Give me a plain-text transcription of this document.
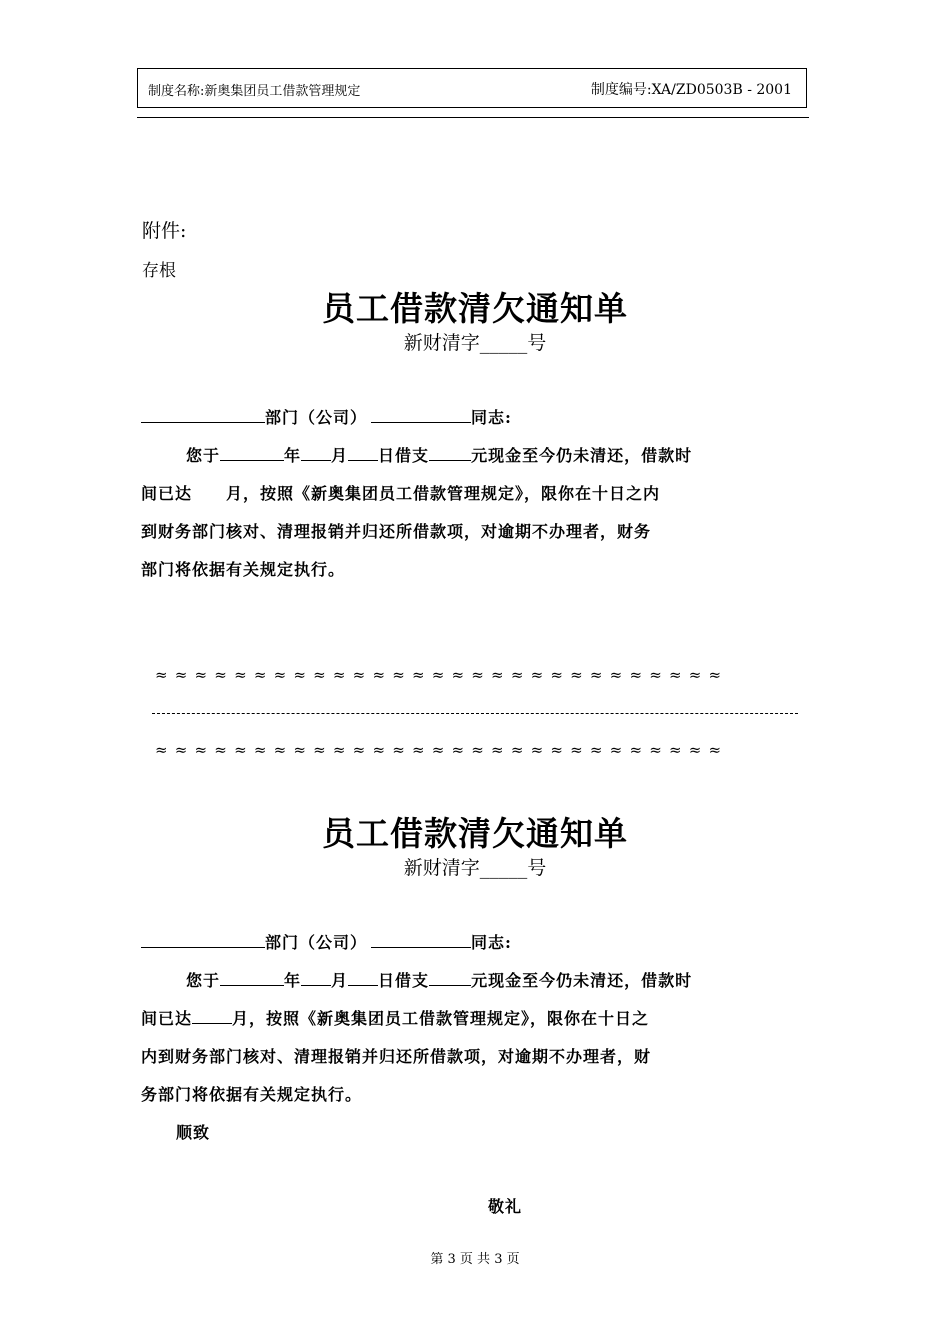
制度名称:新奥集团员工借款管理规定	制度编号:XA/ZD0503B - 2001
附件:
存根
员工借款清欠通知单
新财清字_____号
部门（公司）	同志:
您于	年 月 日借支	元现金至今仍未清还，借款时
间已达 月，按照《新奥集团员工借款管理规定》，限你在十日之内
到财务部门核对、清理报销并归还所借款项，对逾期不办理者，财务
部门将依据有关规定执行。
≈≈≈≈≈≈≈≈≈≈≈≈≈≈≈≈≈≈≈≈≈≈≈≈≈≈≈≈≈
≈≈≈≈≈≈≈≈≈≈≈≈≈≈≈≈≈≈≈≈≈≈≈≈≈≈≈≈≈
员工借款清欠通知单
新财清字_____号
部门（公司）	同志:
您于	年 月 日借支	元现金至今仍未清还，借款时
间已达	月，按照《新奥集团员工借款管理规定》，限你在十日之
内到财务部门核对、清理报销并归还所借款项，对逾期不办理者，财
务部门将依据有关规定执行。
顺致
敬礼
第 3 页 共 3 页
